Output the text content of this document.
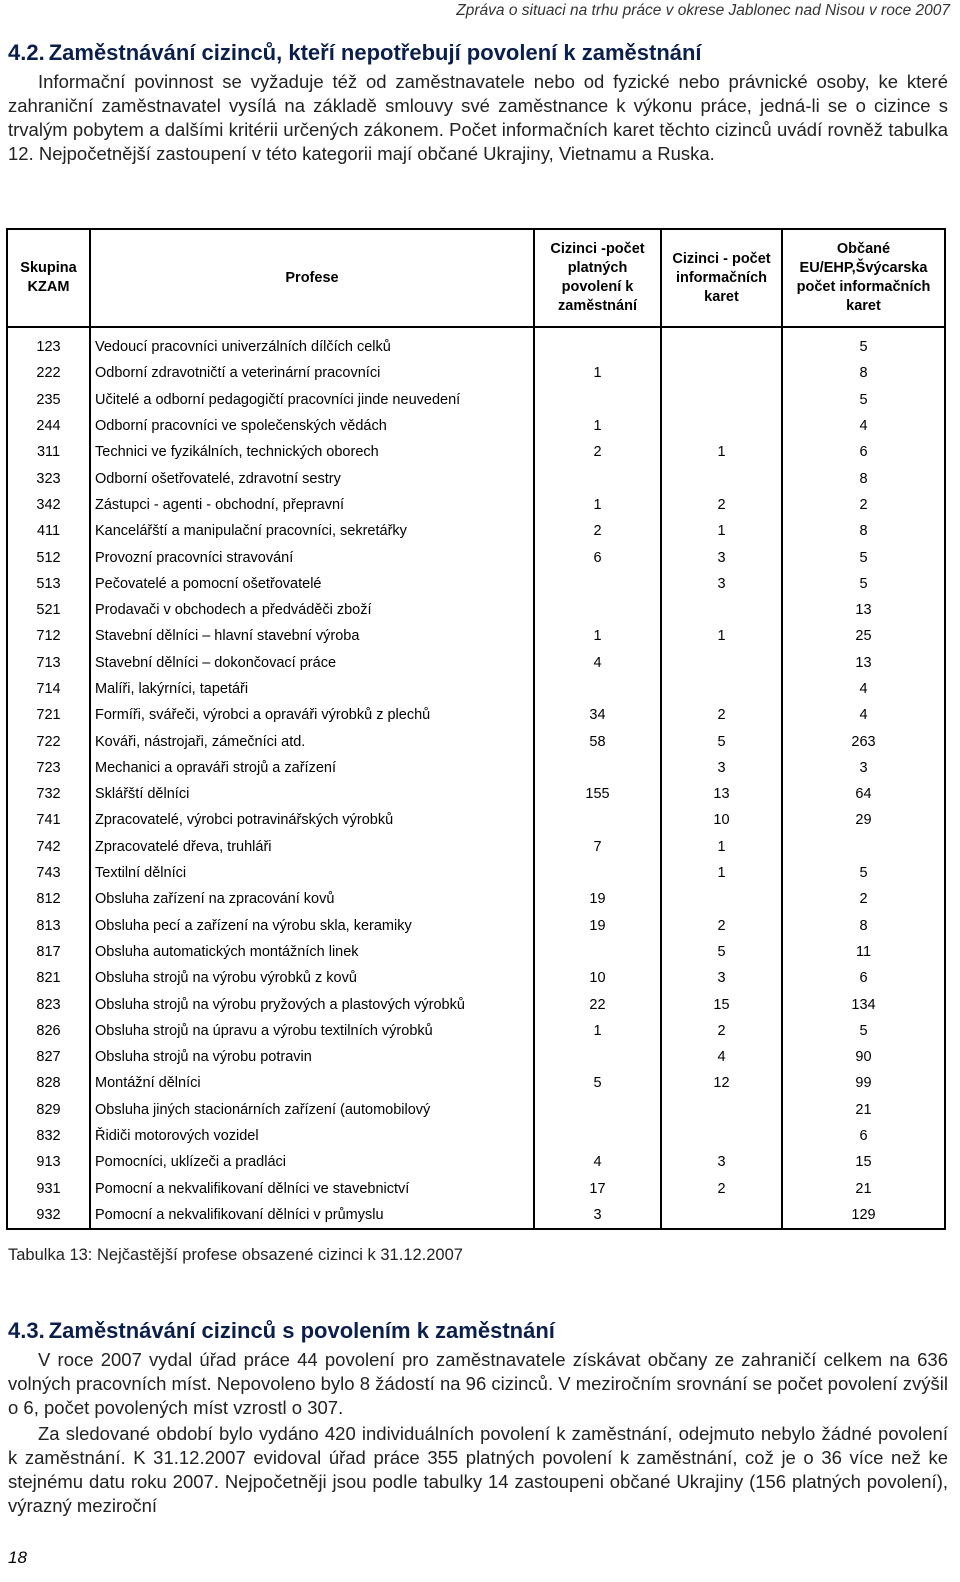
Zpráva o situaci na trhu práce v okrese Jablonec nad Nisou v roce 2007
4.2. Zaměstnávání cizinců, kteří nepotřebují povolení k zaměstnání
Informační povinnost se vyžaduje též od zaměstnavatele nebo od fyzické nebo právnické osoby, ke které zahraniční zaměstnavatel vysílá na základě smlouvy své zaměstnance k výkonu práce, jedná-li se o cizince s trvalým pobytem a dalšími kritérii určených zákonem. Počet informačních karet těchto cizinců uvádí rovněž tabulka 12. Nejpočetnější zastoupení v této kategorii mají občané Ukrajiny, Vietnamu a Ruska.
Skupina KZAM	Profese	Cizinci -počet platných povolení k zaměstnání	Cizinci - počet informačních karet	Občané EU/EHP,Švýcarska počet informačních karet
123	Vedoucí pracovníci univerzálních dílčích celků			5
222	Odborní zdravotničtí a veterinární pracovníci	1		8
235	Učitelé a odborní pedagogičtí pracovníci jinde neuvedení			5
244	Odborní pracovníci ve společenských vědách	1		4
311	Technici ve fyzikálních, technických oborech	2	1	6
323	Odborní ošetřovatelé, zdravotní sestry			8
342	Zástupci - agenti - obchodní, přepravní	1	2	2
411	Kancelářští a manipulační pracovníci, sekretářky	2	1	8
512	Provozní pracovníci stravování	6	3	5
513	Pečovatelé a pomocní ošetřovatelé		3	5
521	Prodavači v obchodech a předváděči zboží			13
712	Stavební dělníci – hlavní stavební výroba	1	1	25
713	Stavební dělníci – dokončovací práce	4		13
714	Malíři, lakýrníci, tapetáři			4
721	Formíři, svářeči, výrobci a opraváři výrobků z plechů	34	2	4
722	Kováři, nástrojaři, zámečníci atd.	58	5	263
723	Mechanici a opraváři strojů a zařízení		3	3
732	Sklářští dělníci	155	13	64
741	Zpracovatelé, výrobci potravinářských výrobků		10	29
742	Zpracovatelé dřeva, truhláři	7	1	
743	Textilní dělníci		1	5
812	Obsluha zařízení na zpracování kovů	19		2
813	Obsluha pecí a zařízení na výrobu skla, keramiky	19	2	8
817	Obsluha automatických montážních linek		5	11
821	Obsluha strojů na výrobu výrobků z kovů	10	3	6
823	Obsluha strojů na výrobu pryžových a plastových výrobků	22	15	134
826	Obsluha strojů na úpravu a výrobu textilních výrobků	1	2	5
827	Obsluha strojů na výrobu potravin		4	90
828	Montážní dělníci	5	12	99
829	Obsluha jiných stacionárních zařízení (automobilový			21
832	Řidiči motorových vozidel			6
913	Pomocníci, uklízeči a pradláci	4	3	15
931	Pomocní a nekvalifikovaní dělníci ve stavebnictví	17	2	21
932	Pomocní a nekvalifikovaní dělníci v průmyslu	3		129
Tabulka 13: Nejčastější profese obsazené cizinci k 31.12.2007
4.3. Zaměstnávání cizinců s povolením k zaměstnání
V roce 2007 vydal úřad práce 44 povolení pro zaměstnavatele získávat občany ze zahraničí celkem na 636 volných pracovních míst. Nepovoleno bylo 8 žádostí na 96 cizinců. V meziročním srovnání se počet povolení zvýšil o 6, počet povolených míst vzrostl o 307.
Za sledované období bylo vydáno 420 individuálních povolení k zaměstnání, odejmuto nebylo žádné povolení k zaměstnání. K 31.12.2007 evidoval úřad práce 355 platných povolení k zaměstnání, což je o 36 více než ke stejnému datu roku 2007. Nejpočetněji jsou podle tabulky 14 zastoupeni občané Ukrajiny (156 platných povolení), výrazný meziroční
18
